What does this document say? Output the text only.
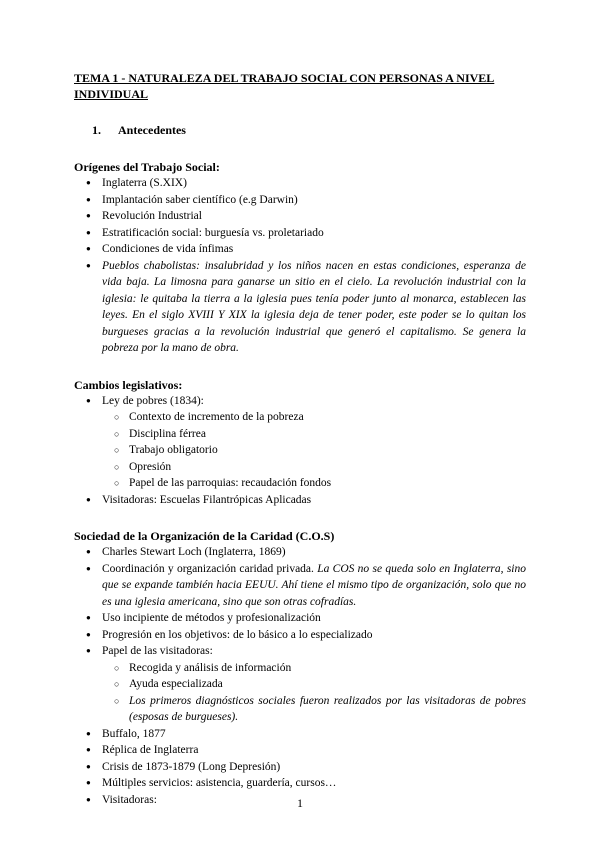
TEMA 1 - NATURALEZA DEL TRABAJO SOCIAL CON PERSONAS A NIVEL INDIVIDUAL

1.	Antecedentes
Orígenes del Trabajo Social:
● Inglaterra (S.XIX)
● Implantación saber científico (e.g Darwin)
● Revolución Industrial
● Estratificación social: burguesía vs. proletariado
● Condiciones de vida ínfimas
● Pueblos chabolistas: insalubridad y los niños nacen en estas condiciones, esperanza de vida baja. La limosna para ganarse un sitio en el cielo. La revolución industrial con la iglesia: le quitaba la tierra a la iglesia pues tenía poder junto al monarca, establecen las leyes. En el siglo XVIII Y XIX la iglesia deja de tener poder, este poder se lo quitan los burgueses gracias a la revolución industrial que generó el capitalismo. Se genera la pobreza por la mano de obra.
Cambios legislativos:
● Ley de pobres (1834):
○ Contexto de incremento de la pobreza
○ Disciplina férrea
○ Trabajo obligatorio
○ Opresión
○ Papel de las parroquias: recaudación fondos
● Visitadoras: Escuelas Filantrópicas Aplicadas
Sociedad de la Organización de la Caridad (C.O.S)
● Charles Stewart Loch (Inglaterra, 1869)
● Coordinación y organización caridad privada. La COS no se queda solo en Inglaterra, sino que se expande también hacia EEUU. Ahí tiene el mismo tipo de organización, solo que no es una iglesia americana, sino que son otras cofradías.
● Uso incipiente de métodos y profesionalización
● Progresión en los objetivos: de lo básico a lo especializado
● Papel de las visitadoras:
○ Recogida y análisis de información
○ Ayuda especializada
○ Los primeros diagnósticos sociales fueron realizados por las visitadoras de pobres (esposas de burgueses).
● Buffalo, 1877
● Réplica de Inglaterra
● Crisis de 1873-1879 (Long Depresión)
● Múltiples servicios: asistencia, guardería, cursos…
● Visitadoras:	1
